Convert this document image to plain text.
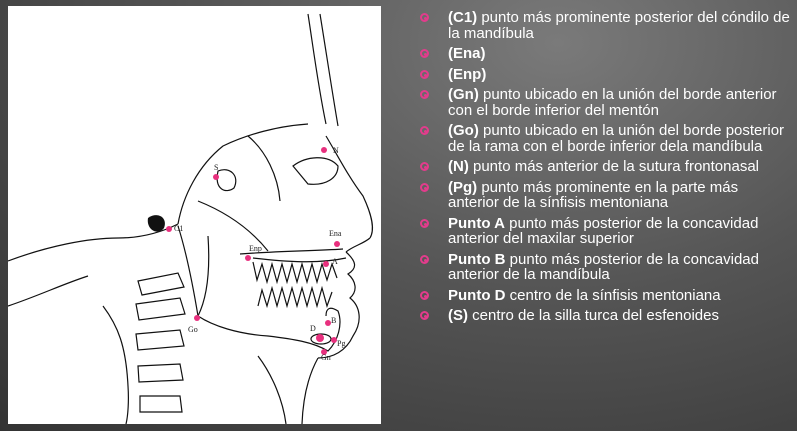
N
S
C1
Ena
Enp
A
B
D
Pg
Gn
Go
(C1) punto más prominente posterior del cóndilo de la mandíbula
(Ena)
(Enp)
(Gn) punto ubicado en la unión del borde anterior con el borde inferior del mentón
(Go) punto ubicado en la unión del borde posterior de la rama con el borde inferior dela mandíbula
(N) punto más anterior de la sutura frontonasal
(Pg) punto más prominente en la parte más anterior de la sínfisis mentoniana
Punto A punto más posterior de la concavidad anterior del maxilar superior
Punto B punto más posterior de la concavidad anterior de la mandíbula
Punto D centro de la sínfisis mentoniana
(S) centro de la silla turca del esfenoides
